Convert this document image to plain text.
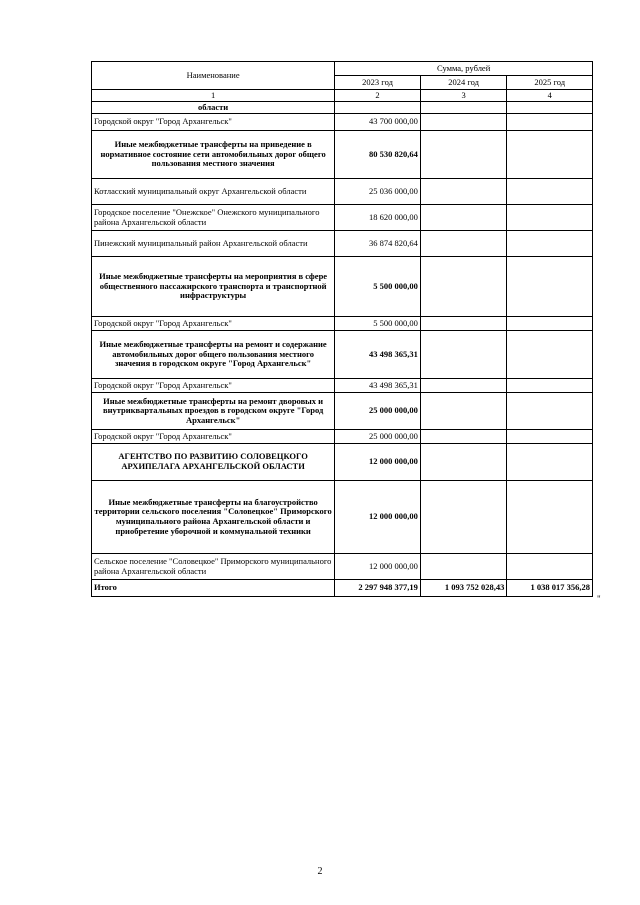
Наименование	Сумма, рублей		
	2023 год	2024 год	2025 год
1	2	3	4
области			
Городской округ "Город Архангельск"	43 700 000,00		
Иные межбюджетные трансферты на приведение в нормативное состояние сети автомобильных дорог общего пользования местного значения	80 530 820,64		
Котласский муниципальный округ Архангельской области	25 036 000,00		
Городское поселение "Онежское" Онежского муниципального района Архангельской области	18 620 000,00		
Пинежский муниципальный район Архангельской области	36 874 820,64		
Иные межбюджетные трансферты на мероприятия в сфере общественного пассажирского транспорта и транспортной инфраструктуры	5 500 000,00		
Городской округ "Город Архангельск"	5 500 000,00		
Иные межбюджетные трансферты на ремонт и содержание автомобильных дорог общего пользования местного значения в городском округе "Город Архангельск"	43 498 365,31		
Городской округ "Город Архангельск"	43 498 365,31		
Иные межбюджетные трансферты на ремонт дворовых и внутриквартальных проездов в городском округе "Город Архангельск"	25 000 000,00		
Городской округ "Город Архангельск"	25 000 000,00		
АГЕНТСТВО ПО РАЗВИТИЮ СОЛОВЕЦКОГО АРХИПЕЛАГА АРХАНГЕЛЬСКОЙ ОБЛАСТИ	12 000 000,00		
Иные межбюджетные трансферты на благоустройство территории сельского поселения "Соловецкое" Приморского муниципального района Архангельской области и приобретение уборочной и коммунальной техники	12 000 000,00		
Сельское поселение "Соловецкое" Приморского муниципального района Архангельской области	12 000 000,00		
Итого	2 297 948 377,19	1 093 752 028,43	1 038 017 356,28
"
2
